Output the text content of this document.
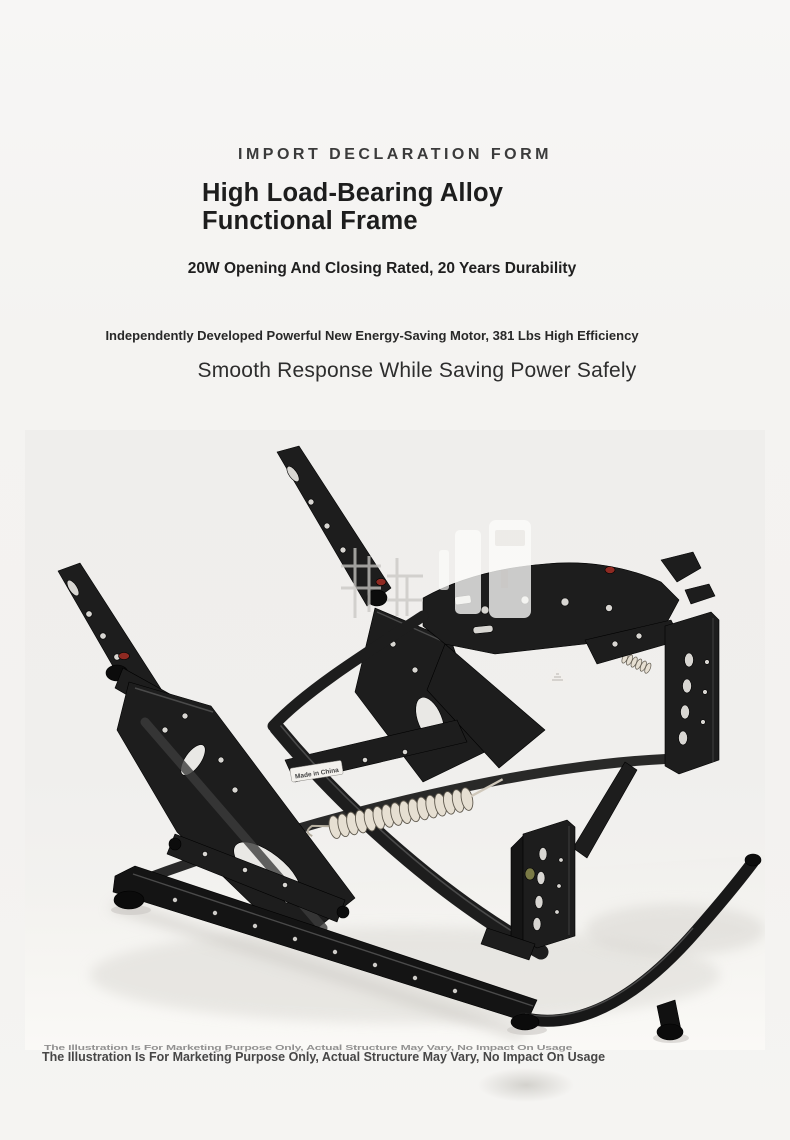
IMPORT DECLARATION FORM
High Load-Bearing Alloy
Functional Frame
20W Opening And Closing Rated, 20 Years Durability
Independently Developed Powerful New Energy-Saving Motor, 381 Lbs High Efficiency
Smooth Response While Saving Power Safely
Made in China
The Illustration Is For Marketing Purpose Only, Actual Structure May Vary, No Impact On Usage
The Illustration Is For Marketing Purpose Only, Actual Structure May Vary, No Impact On Usage
